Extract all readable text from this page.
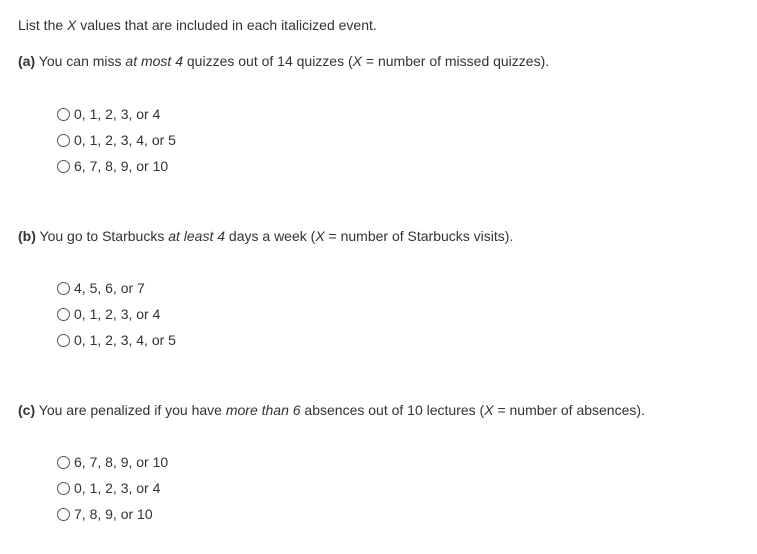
List the X values that are included in each italicized event.
(a) You can miss at most 4 quizzes out of 14 quizzes (X = number of missed quizzes).
0, 1, 2, 3, or 4
0, 1, 2, 3, 4, or 5
6, 7, 8, 9, or 10
(b) You go to Starbucks at least 4 days a week (X = number of Starbucks visits).
4, 5, 6, or 7
0, 1, 2, 3, or 4
0, 1, 2, 3, 4, or 5
(c) You are penalized if you have more than 6 absences out of 10 lectures (X = number of absences).
6, 7, 8, 9, or 10
0, 1, 2, 3, or 4
7, 8, 9, or 10
